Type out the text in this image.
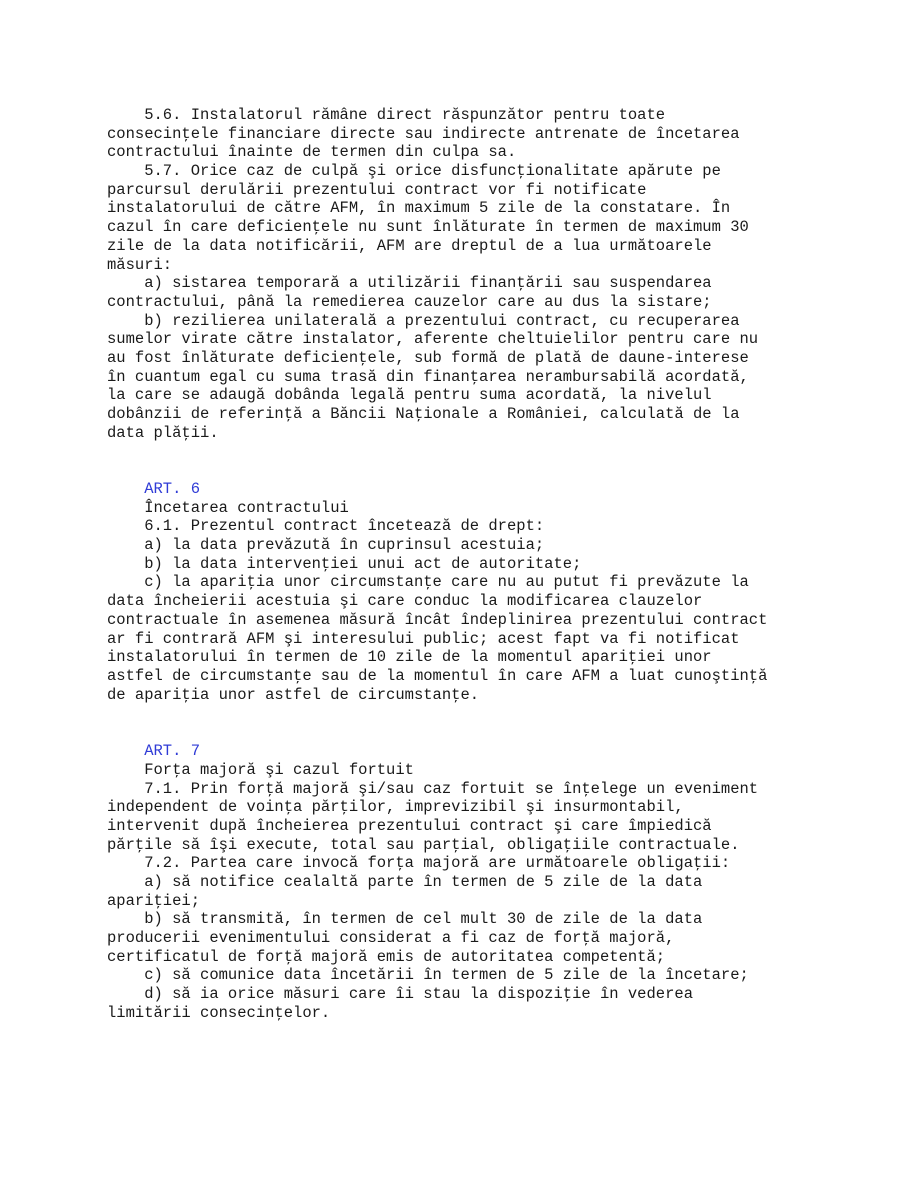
5.6. Instalatorul rămâne direct răspunzător pentru toate
consecinţele financiare directe sau indirecte antrenate de încetarea
contractului înainte de termen din culpa sa.
5.7. Orice caz de culpă şi orice disfuncţionalitate apărute pe
parcursul derulării prezentului contract vor fi notificate
instalatorului de către AFM, în maximum 5 zile de la constatare. În
cazul în care deficienţele nu sunt înlăturate în termen de maximum 30
zile de la data notificării, AFM are dreptul de a lua următoarele
măsuri:
a) sistarea temporară a utilizării finanţării sau suspendarea
contractului, până la remedierea cauzelor care au dus la sistare;
b) rezilierea unilaterală a prezentului contract, cu recuperarea
sumelor virate către instalator, aferente cheltuielilor pentru care nu
au fost înlăturate deficienţele, sub formă de plată de daune-interese
în cuantum egal cu suma trasă din finanţarea nerambursabilă acordată,
la care se adaugă dobânda legală pentru suma acordată, la nivelul
dobânzii de referinţă a Băncii Naţionale a României, calculată de la
data plăţii.
ART. 6
Încetarea contractului
6.1. Prezentul contract încetează de drept:
a) la data prevăzută în cuprinsul acestuia;
b) la data intervenţiei unui act de autoritate;
c) la apariţia unor circumstanţe care nu au putut fi prevăzute la
data încheierii acestuia şi care conduc la modificarea clauzelor
contractuale în asemenea măsură încât îndeplinirea prezentului contract
ar fi contrară AFM şi interesului public; acest fapt va fi notificat
instalatorului în termen de 10 zile de la momentul apariţiei unor
astfel de circumstanţe sau de la momentul în care AFM a luat cunoştinţă
de apariţia unor astfel de circumstanţe.
ART. 7
Forţa majoră şi cazul fortuit
7.1. Prin forţă majoră şi/sau caz fortuit se înţelege un eveniment
independent de voinţa părţilor, imprevizibil şi insurmontabil,
intervenit după încheierea prezentului contract şi care împiedică
părţile să îşi execute, total sau parţial, obligaţiile contractuale.
7.2. Partea care invocă forţa majoră are următoarele obligaţii:
a) să notifice cealaltă parte în termen de 5 zile de la data
apariţiei;
b) să transmită, în termen de cel mult 30 de zile de la data
producerii evenimentului considerat a fi caz de forţă majoră,
certificatul de forţă majoră emis de autoritatea competentă;
c) să comunice data încetării în termen de 5 zile de la încetare;
d) să ia orice măsuri care îi stau la dispoziţie în vederea
limitării consecinţelor.
